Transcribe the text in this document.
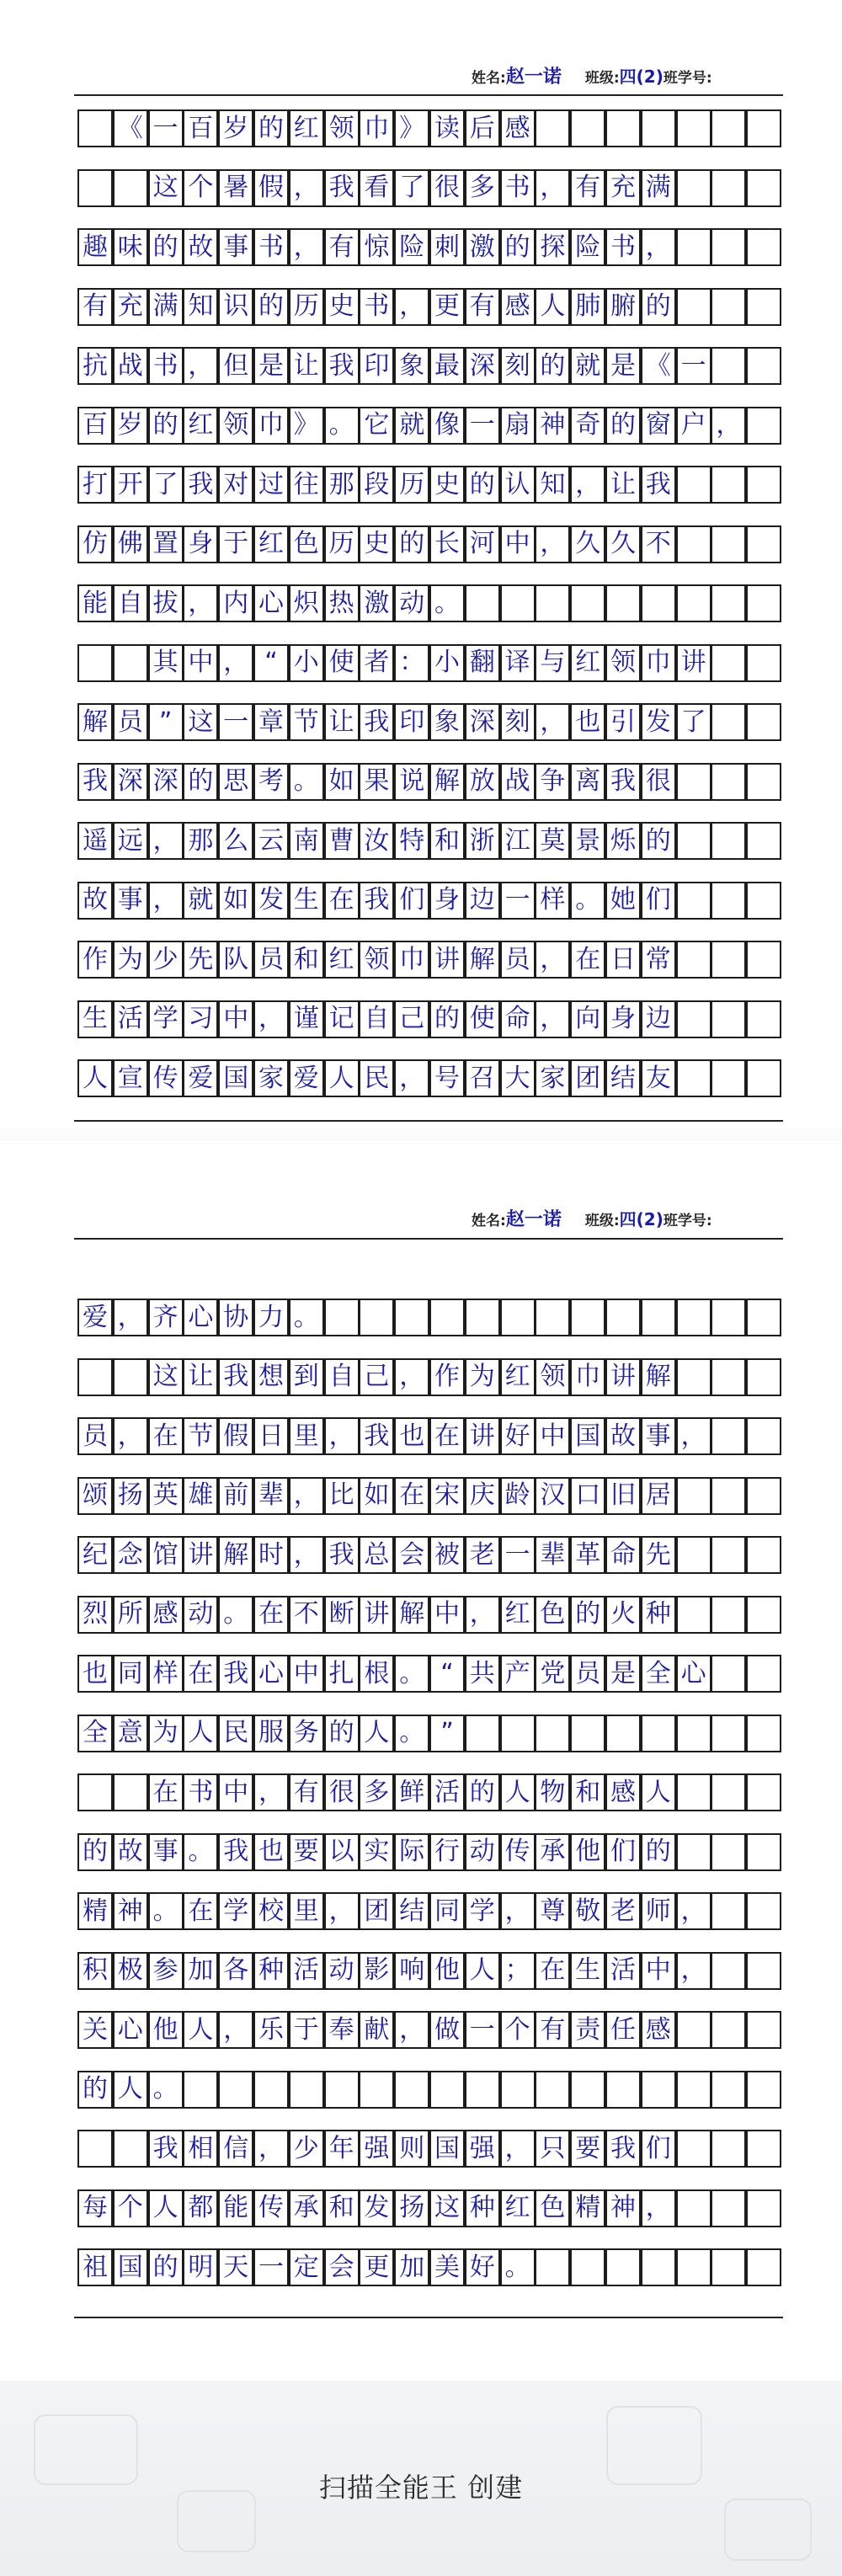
姓名:赵一诺 班级:四(2)班学号:
《 一 百 岁 的 红 领 巾 》 读 后 感
这 个 暑 假 ， 我 看 了 很 多 书 ， 有 充 满
趣 味 的 故 事 书 ， 有 惊 险 刺 激 的 探 险 书 ，
有 充 满 知 识 的 历 史 书 ， 更 有 感 人 肺 腑 的
抗 战 书 ， 但 是 让 我 印 象 最 深 刻 的 就 是 《 一
百 岁 的 红 领 巾 》 。 它 就 像 一 扇 神 奇 的 窗 户 ，
打 开 了 我 对 过 往 那 段 历 史 的 认 知 ， 让 我
仿 佛 置 身 于 红 色 历 史 的 长 河 中 ， 久 久 不
能 自 拔 ， 内 心 炽 热 激 动 。
其 中 ， “ 小 使 者 ： 小 翻 译 与 红 领 巾 讲
解 员 ” 这 一 章 节 让 我 印 象 深 刻 ， 也 引 发 了
我 深 深 的 思 考 。 如 果 说 解 放 战 争 离 我 很
遥 远 ， 那 么 云 南 曹 汝 特 和 浙 江 莫 景 烁 的
故 事 ， 就 如 发 生 在 我 们 身 边 一 样 。 她 们
作 为 少 先 队 员 和 红 领 巾 讲 解 员 ， 在 日 常
生 活 学 习 中 ， 谨 记 自 己 的 使 命 ， 向 身 边
人 宣 传 爱 国 家 爱 人 民 ， 号 召 大 家 团 结 友
姓名:赵一诺 班级:四(2)班学号:
爱 ， 齐 心 协 力 。
这 让 我 想 到 自 己 ， 作 为 红 领 巾 讲 解
员 ， 在 节 假 日 里 ， 我 也 在 讲 好 中 国 故 事 ，
颂 扬 英 雄 前 辈 ， 比 如 在 宋 庆 龄 汉 口 旧 居
纪 念 馆 讲 解 时 ， 我 总 会 被 老 一 辈 革 命 先
烈 所 感 动 。 在 不 断 讲 解 中 ， 红 色 的 火 种
也 同 样 在 我 心 中 扎 根 。 “ 共 产 党 员 是 全 心
全 意 为 人 民 服 务 的 人 。 ”
在 书 中 ， 有 很 多 鲜 活 的 人 物 和 感 人
的 故 事 。 我 也 要 以 实 际 行 动 传 承 他 们 的
精 神 。 在 学 校 里 ， 团 结 同 学 ， 尊 敬 老 师 ，
积 极 参 加 各 种 活 动 影 响 他 人 ； 在 生 活 中 ，
关 心 他 人 ， 乐 于 奉 献 ， 做 一 个 有 责 任 感
的 人 。
我 相 信 ， 少 年 强 则 国 强 ， 只 要 我 们
每 个 人 都 能 传 承 和 发 扬 这 种 红 色 精 神 ，
祖 国 的 明 天 一 定 会 更 加 美 好 。
扫描全能王 创建
